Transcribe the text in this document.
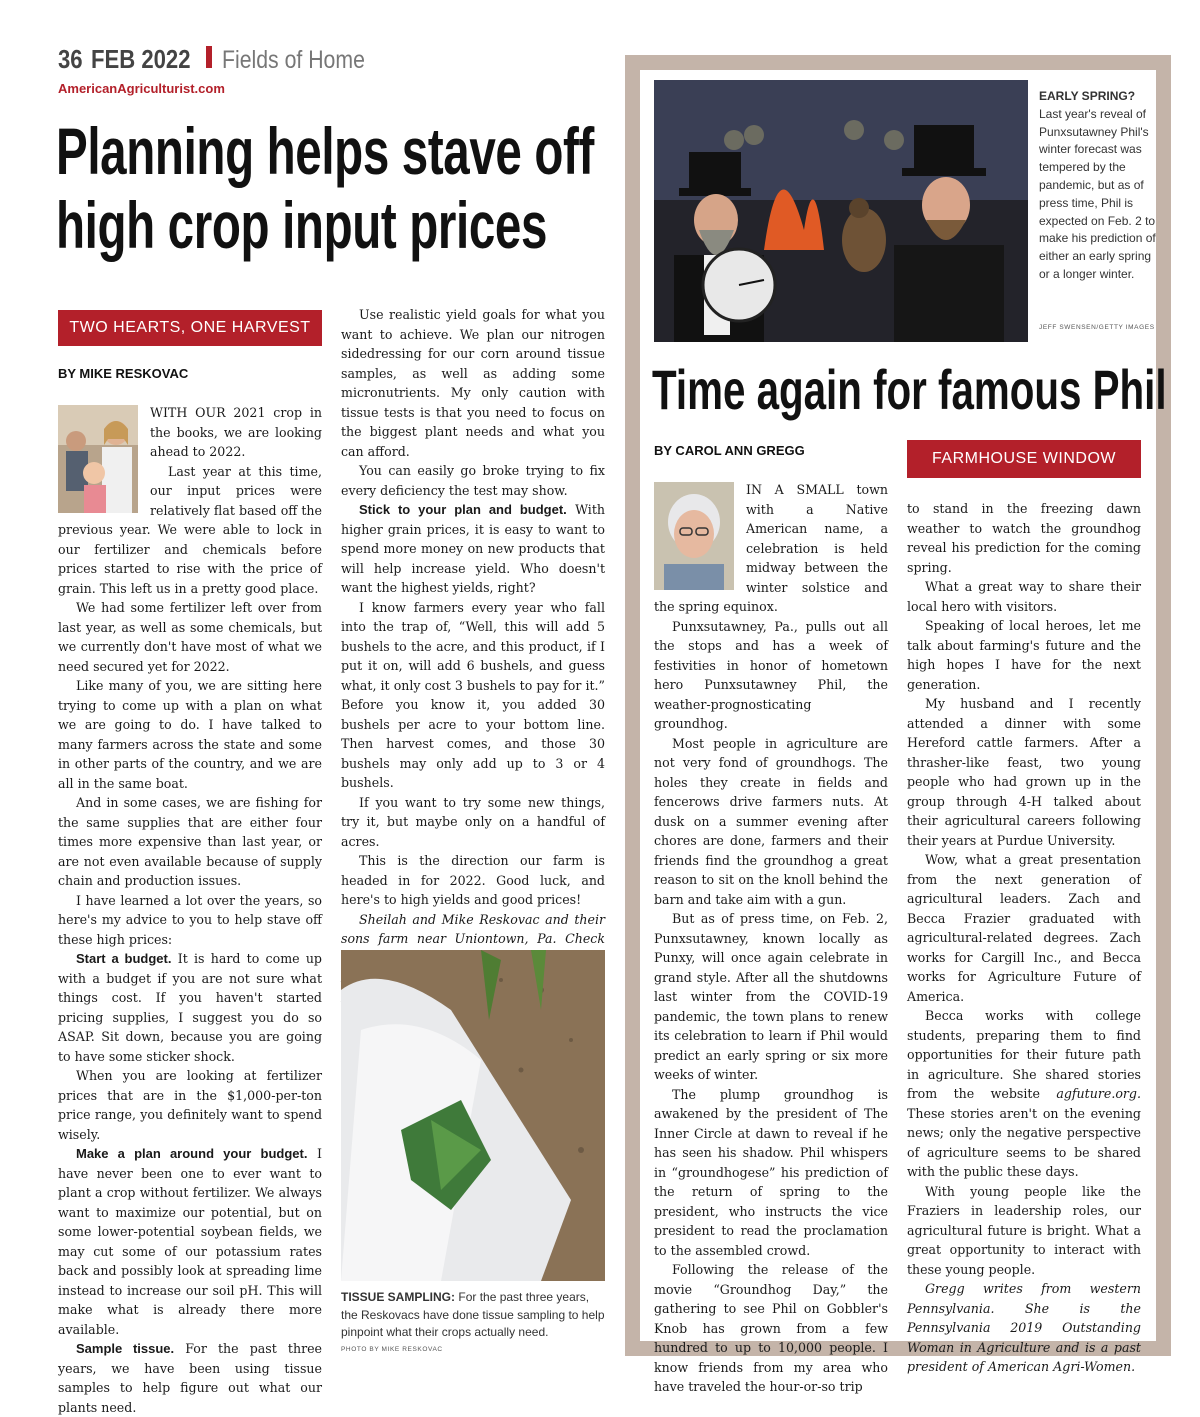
36 FEB 2022 Fields of Home
AmericanAgriculturist.com
Planning helps stave off
high crop input prices
TWO HEARTS, ONE HARVEST
BY MIKE RESKOVAC

WITH OUR 2021 crop in the books, we are looking ahead to 2022.

Last year at this time, our input prices were relatively flat based off the previous year. We were able to lock in our fertilizer and chemicals before prices started to rise with the price of grain. This left us in a pretty good place.

We had some fertilizer left over from last year, as well as some chemicals, but we currently don't have most of what we need secured yet for 2022.

Like many of you, we are sitting here trying to come up with a plan on what we are going to do. I have talked to many farmers across the state and some in other parts of the country, and we are all in the same boat.

And in some cases, we are fishing for the same supplies that are either four times more expensive than last year, or are not even available because of supply chain and production issues.

I have learned a lot over the years, so here's my advice to you to help stave off these high prices:

Start a budget. It is hard to come up with a budget if you are not sure what things cost. If you haven't started pricing supplies, I suggest you do so ASAP. Sit down, because you are going to have some sticker shock.

When you are looking at fertilizer prices that are in the $1,000-per-ton price range, you definitely want to spend wisely.

Make a plan around your budget. I have never been one to ever want to plant a crop without fertilizer. We always want to maximize our potential, but on some lower-potential soybean fields, we may cut some of our potassium rates back and possibly look at spreading lime instead to increase our soil pH. This will make what is already there more available.

Sample tissue. For the past three years, we have been using tissue samples to help figure out what our plants need.

Use realistic yield goals for what you want to achieve. We plan our nitrogen sidedressing for our corn around tissue samples, as well as adding some micronutrients. My only caution with tissue tests is that you need to focus on the biggest plant needs and what you can afford.

You can easily go broke trying to fix every deficiency the test may show.

Stick to your plan and budget. With higher grain prices, it is easy to want to spend more money on new products that will help increase yield. Who doesn't want the highest yields, right?

I know farmers every year who fall into the trap of, “Well, this will add 5 bushels to the acre, and this product, if I put it on, will add 6 bushels, and guess what, it only cost 3 bushels to pay for it.” Before you know it, you added 30 bushels per acre to your bottom line. Then harvest comes, and those 30 bushels may only add up to 3 or 4 bushels.

If you want to try some new things, try it, but maybe only on a handful of acres.

This is the direction our farm is headed in for 2022. Good luck, and here's to high yields and good prices!

Sheilah and Mike Reskovac and their sons farm near Uniontown, Pa. Check

TISSUE SAMPLING: For the past three years, the Reskovacs have done tissue sampling to help pinpoint what their crops actually need.
PHOTO BY MIKE RESKOVAC
EARLY SPRING?
Last year's reveal of Punxsutawney Phil's winter forecast was tempered by the pandemic, but as of press time, Phil is expected on Feb. 2 to make his prediction of either an early spring or a longer winter.
JEFF SWENSEN/GETTY IMAGES
Time again for famous Phil
BY CAROL ANN GREGG	FARMHOUSE WINDOW

IN A SMALL town with a Native American name, a celebration is held midway between the winter solstice and the spring equinox.

Punxsutawney, Pa., pulls out all the stops and has a week of festivities in honor of hometown hero Punxsutawney Phil, the weather-prognosticating groundhog.

Most people in agriculture are not very fond of groundhogs. The holes they create in fields and fencerows drive farmers nuts. At dusk on a summer evening after chores are done, farmers and their friends find the groundhog a great reason to sit on the knoll behind the barn and take aim with a gun.

But as of press time, on Feb. 2, Punxsutawney, known locally as Punxy, will once again celebrate in grand style. After all the shutdowns last winter from the COVID-19 pandemic, the town plans to renew its celebration to learn if Phil would predict an early spring or six more weeks of winter.

The plump groundhog is awakened by the president of The Inner Circle at dawn to reveal if he has seen his shadow. Phil whispers in “groundhogese” his prediction of the return of spring to the president, who instructs the vice president to read the proclamation to the assembled crowd.

Following the release of the movie “Groundhog Day,” the gathering to see Phil on Gobbler's Knob has grown from a few hundred to up to 10,000 people. I know friends from my area who have traveled the hour-or-so trip

to stand in the freezing dawn weather to watch the groundhog reveal his prediction for the coming spring.

What a great way to share their local hero with visitors.

Speaking of local heroes, let me talk about farming's future and the high hopes I have for the next generation.

My husband and I recently attended a dinner with some Hereford cattle farmers. After a thrasher-like feast, two young people who had grown up in the group through 4-H talked about their agricultural careers following their years at Purdue University.

Wow, what a great presentation from the next generation of agricultural leaders. Zach and Becca Frazier graduated with agricultural-related degrees. Zach works for Cargill Inc., and Becca works for Agriculture Future of America.

Becca works with college students, preparing them to find opportunities for their future path in agriculture. She shared stories from the website agfuture.org. These stories aren't on the evening news; only the negative perspective of agriculture seems to be shared with the public these days.

With young people like the Fraziers in leadership roles, our agricultural future is bright. What a great opportunity to interact with these young people.

Gregg writes from western Pennsylvania. She is the Pennsylvania 2019 Outstanding Woman in Agriculture and is a past president of American Agri-Women.
